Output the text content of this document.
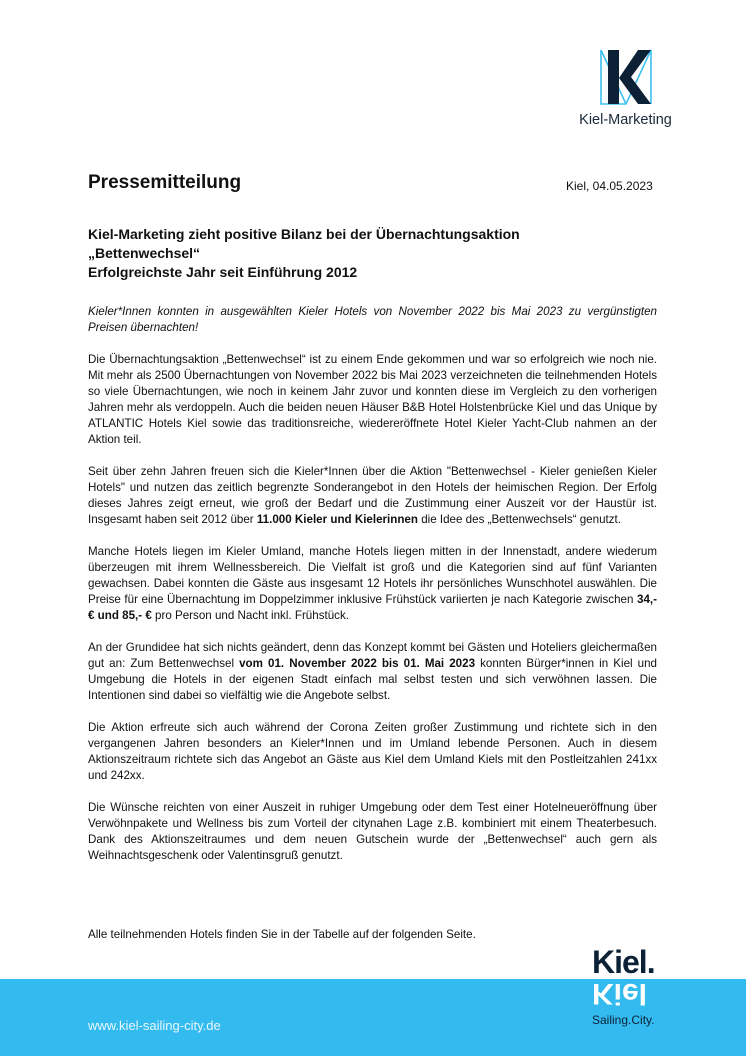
Kiel-Marketing
Pressemitteilung	Kiel, 04.05.2023
Kiel-Marketing zieht positive Bilanz bei der Übernachtungsaktion
„Bettenwechsel“
Erfolgreichste Jahr seit Einführung 2012

Kieler*Innen konnten in ausgewählten Kieler Hotels von November 2022 bis Mai 2023 zu vergünstigten Preisen übernachten!

Die Übernachtungsaktion „Bettenwechsel“ ist zu einem Ende gekommen und war so erfolgreich wie noch nie. Mit mehr als 2500 Übernachtungen von November 2022 bis Mai 2023 verzeichneten die teilnehmenden Hotels so viele Übernachtungen, wie noch in keinem Jahr zuvor und konnten diese im Vergleich zu den vorherigen Jahren mehr als verdoppeln. Auch die beiden neuen Häuser B&B Hotel Holstenbrücke Kiel und das Unique by ATLANTIC Hotels Kiel sowie das traditionsreiche, wiedereröffnete Hotel Kieler Yacht-Club nahmen an der Aktion teil.

Seit über zehn Jahren freuen sich die Kieler*Innen über die Aktion "Bettenwechsel - Kieler genießen Kieler Hotels" und nutzen das zeitlich begrenzte Sonderangebot in den Hotels der heimischen Region. Der Erfolg dieses Jahres zeigt erneut, wie groß der Bedarf und die Zustimmung einer Auszeit vor der Haustür ist. Insgesamt haben seit 2012 über 11.000 Kieler und Kielerinnen die Idee des „Bettenwechsels“ genutzt.

Manche Hotels liegen im Kieler Umland, manche Hotels liegen mitten in der Innenstadt, andere wiederum überzeugen mit ihrem Wellnessbereich. Die Vielfalt ist groß und die Kategorien sind auf fünf Varianten gewachsen. Dabei konnten die Gäste aus insgesamt 12 Hotels ihr persönliches Wunschhotel auswählen. Die Preise für eine Übernachtung im Doppelzimmer inklusive Frühstück variierten je nach Kategorie zwischen 34,- € und 85,- € pro Person und Nacht inkl. Frühstück.

An der Grundidee hat sich nichts geändert, denn das Konzept kommt bei Gästen und Hoteliers gleichermaßen gut an: Zum Bettenwechsel vom 01. November 2022 bis 01. Mai 2023 konnten Bürger*innen in Kiel und Umgebung die Hotels in der eigenen Stadt einfach mal selbst testen und sich verwöhnen lassen. Die Intentionen sind dabei so vielfältig wie die Angebote selbst.

Die Aktion erfreute sich auch während der Corona Zeiten großer Zustimmung und richtete sich in den vergangenen Jahren besonders an Kieler*Innen und im Umland lebende Personen. Auch in diesem Aktionszeitraum richtete sich das Angebot an Gäste aus Kiel dem Umland Kiels mit den Postleitzahlen 241xx und 242xx.

Die Wünsche reichten von einer Auszeit in ruhiger Umgebung oder dem Test einer Hotelneueröffnung über Verwöhnpakete und Wellness bis zum Vorteil der citynahen Lage z.B. kombiniert mit einem Theaterbesuch. Dank des Aktionszeitraumes und dem neuen Gutschein wurde der „Bettenwechsel“ auch gern als Weihnachtsgeschenk oder Valentinsgruß genutzt.

Alle teilnehmenden Hotels finden Sie in der Tabelle auf der folgenden Seite.
www.kiel-sailing-city.de
Kiel.
Kiel
Sailing.City.
